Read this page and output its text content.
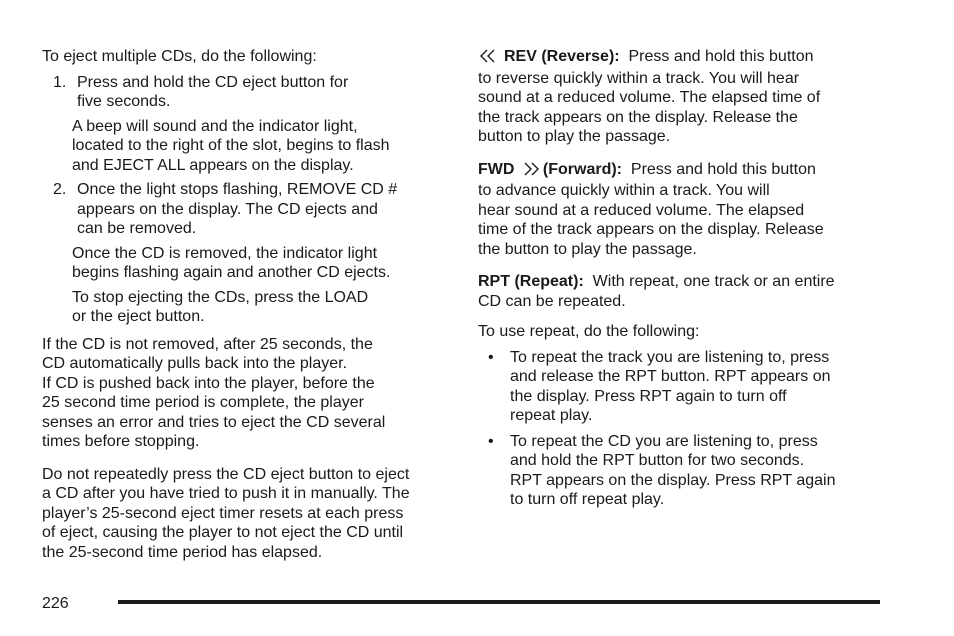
To eject multiple CDs, do the following:

1. Press and hold the CD eject button for
five seconds.
A beep will sound and the indicator light,
located to the right of the slot, begins to flash
and EJECT ALL appears on the display.
2. Once the light stops flashing, REMOVE CD #
appears on the display. The CD ejects and
can be removed.
Once the CD is removed, the indicator light
begins flashing again and another CD ejects.
To stop ejecting the CDs, press the LOAD
or the eject button.

If the CD is not removed, after 25 seconds, the
CD automatically pulls back into the player.
If CD is pushed back into the player, before the
25 second time period is complete, the player
senses an error and tries to eject the CD several
times before stopping.

Do not repeatedly press the CD eject button to eject
a CD after you have tried to push it in manually. The
player’s 25-second eject timer resets at each press
of eject, causing the player to not eject the CD until
the 25-second time period has elapsed.

REV (Reverse): Press and hold this button
to reverse quickly within a track. You will hear
sound at a reduced volume. The elapsed time of
the track appears on the display. Release the
button to play the passage.

FWD (Forward): Press and hold this button
to advance quickly within a track. You will
hear sound at a reduced volume. The elapsed
time of the track appears on the display. Release
the button to play the passage.

RPT (Repeat): With repeat, one track or an entire
CD can be repeated.

To use repeat, do the following:

• To repeat the track you are listening to, press
and release the RPT button. RPT appears on
the display. Press RPT again to turn off
repeat play.
• To repeat the CD you are listening to, press
and hold the RPT button for two seconds.
RPT appears on the display. Press RPT again
to turn off repeat play.
226
